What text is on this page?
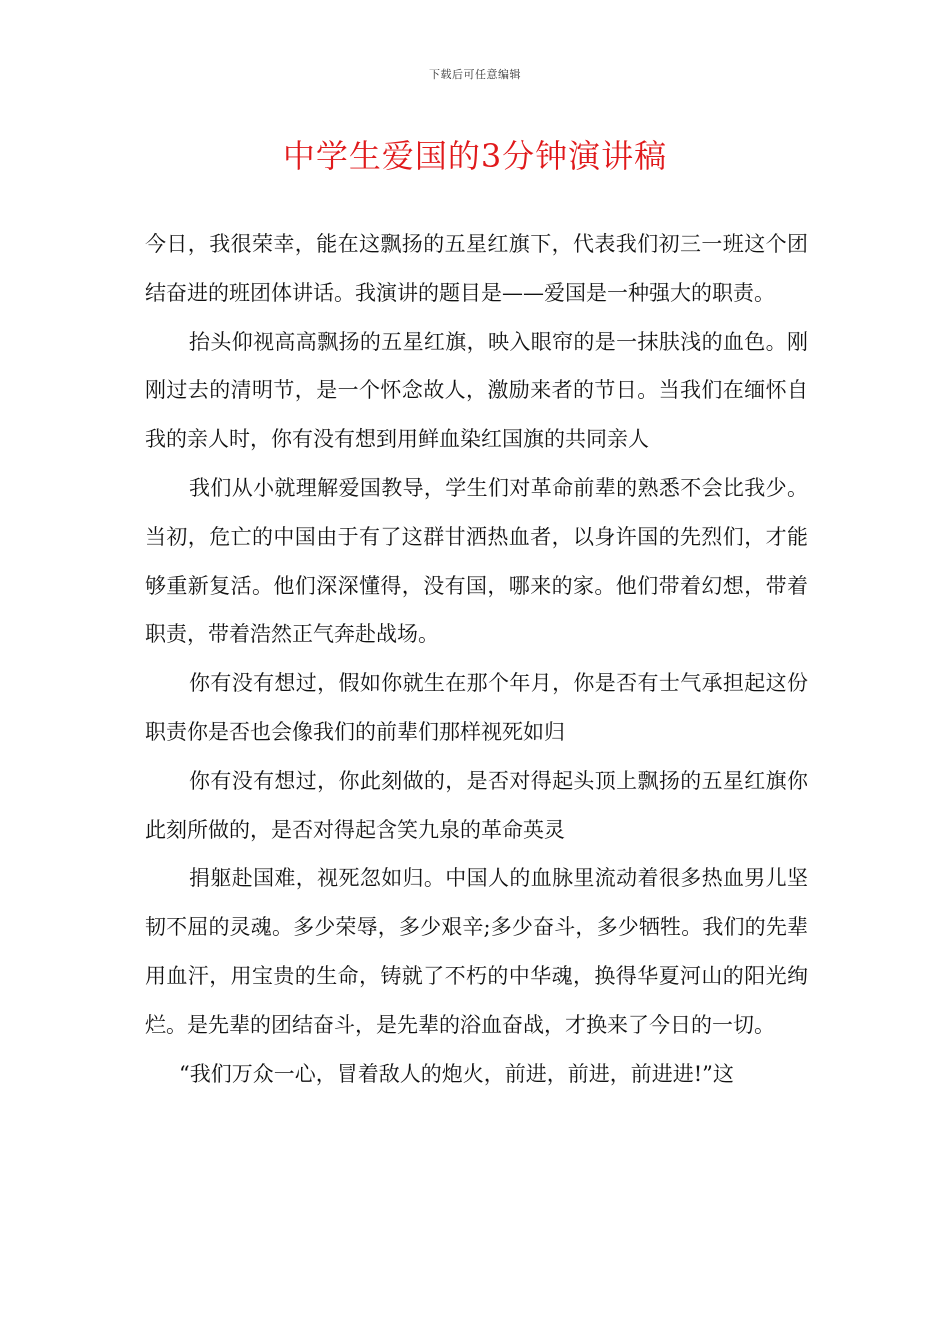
下载后可任意编辑
中学生爱国的3分钟演讲稿

今日，我很荣幸，能在这飘扬的五星红旗下，代表我们初三一班这个团结奋进的班团体讲话。我演讲的题目是——爱国是一种强大的职责。

抬头仰视高高飘扬的五星红旗，映入眼帘的是一抹肤浅的血色。刚刚过去的清明节，是一个怀念故人，激励来者的节日。当我们在缅怀自我的亲人时，你有没有想到用鲜血染红国旗的共同亲人

我们从小就理解爱国教导，学生们对革命前辈的熟悉不会比我少。当初，危亡的中国由于有了这群甘洒热血者，以身许国的先烈们，才能够重新复活。他们深深懂得，没有国，哪来的家。他们带着幻想，带着职责，带着浩然正气奔赴战场。

你有没有想过，假如你就生在那个年月，你是否有士气承担起这份职责你是否也会像我们的前辈们那样视死如归

你有没有想过，你此刻做的，是否对得起头顶上飘扬的五星红旗你此刻所做的，是否对得起含笑九泉的革命英灵

捐躯赴国难，视死忽如归。中国人的血脉里流动着很多热血男儿坚韧不屈的灵魂。多少荣辱，多少艰辛;多少奋斗，多少牺牲。我们的先辈用血汗，用宝贵的生命，铸就了不朽的中华魂，换得华夏河山的阳光绚烂。是先辈的团结奋斗，是先辈的浴血奋战，才换来了今日的一切。

“我们万众一心，冒着敌人的炮火，前进，前进，前进进!”这
